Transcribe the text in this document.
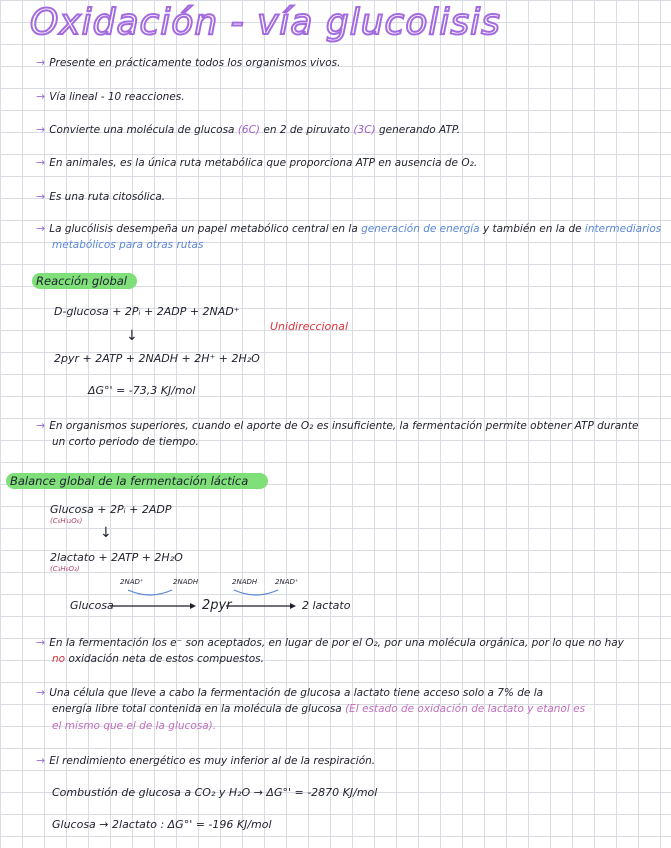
Oxidación - vía glucolisis
→ Presente en prácticamente todos los organismos vivos.
→ Vía lineal - 10 reacciones.
→ Convierte una molécula de glucosa (6C) en 2 de piruvato (3C) generando ATP.
→ En animales, es la única ruta metabólica que proporciona ATP en ausencia de O₂.
→ Es una ruta citosólica.
→ La glucólisis desempeña un papel metabólico central en la generación de energía y también en la de intermediarios
metabólicos para otras rutas
Reacción global
D-glucosa + 2Pᵢ + 2ADP + 2NAD⁺
↓
Unidireccional
2pyr + 2ATP + 2NADH + 2H⁺ + 2H₂O
ΔG°' = -73,3 KJ/mol
→ En organismos superiores, cuando el aporte de O₂ es insuficiente, la fermentación permite obtener ATP durante
un corto periodo de tiempo.
Balance global de la fermentación láctica
Glucosa + 2Pᵢ + 2ADP
(C₆H₁₂O₆)
↓
2lactato + 2ATP + 2H₂O
(C₃H₆O₃)
2NAD⁺	2NADH	2NADH	2NAD⁺
Glucosa	2pyr	2 lactato
→ En la fermentación los e⁻ son aceptados, en lugar de por el O₂, por una molécula orgánica, por lo que no hay
no oxidación neta de estos compuestos.
→ Una célula que lleve a cabo la fermentación de glucosa a lactato tiene acceso solo a 7% de la
energía libre total contenida en la molécula de glucosa (El estado de oxidación de lactato y etanol es
el mismo que el de la glucosa).
→ El rendimiento energético es muy inferior al de la respiración.
Combustión de glucosa a CO₂ y H₂O → ΔG°' = -2870 KJ/mol
Glucosa → 2lactato : ΔG°' = -196 KJ/mol
